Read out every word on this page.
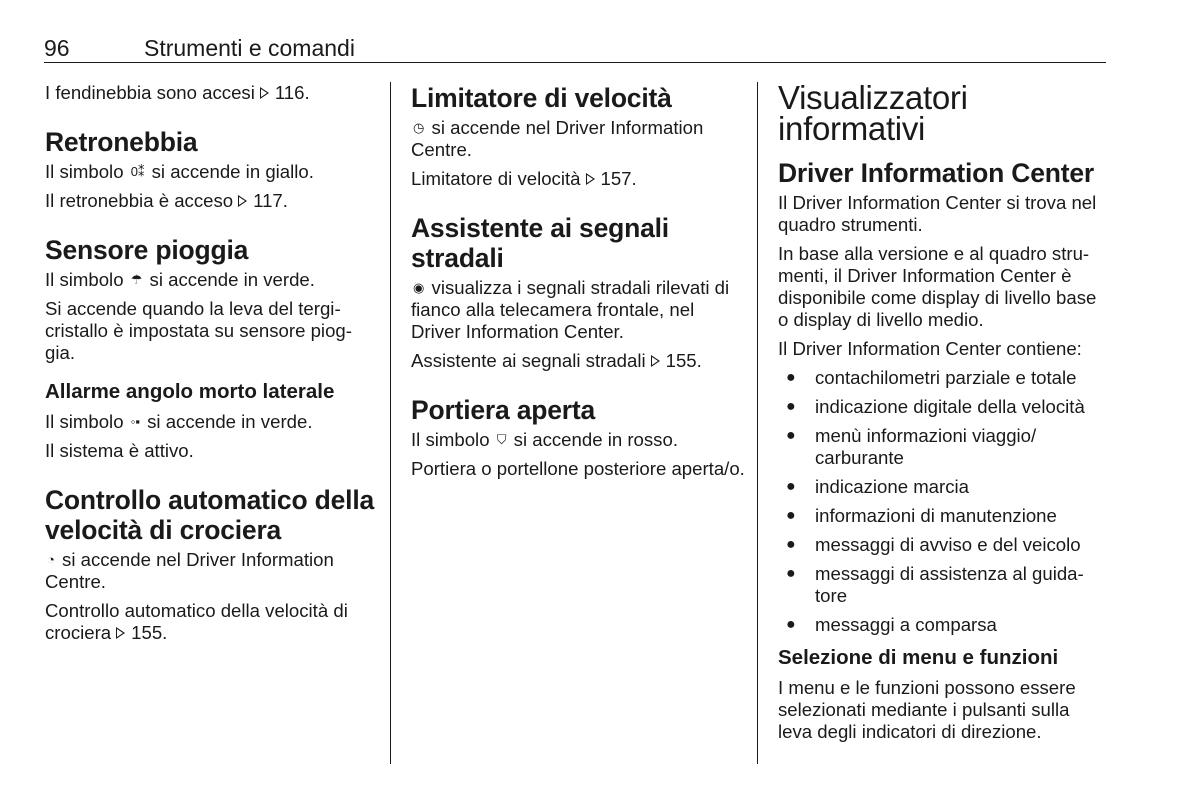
96	Strumenti e comandi

I fendinebbia sono accesi 116.

Retronebbia

Il simbolo 0⁑ si accende in giallo.

Il retronebbia è acceso 117.

Sensore pioggia

Il simbolo ☂ si accende in verde.

Si accende quando la leva del tergi-cristallo è impostata su sensore piog-gia.

Allarme angolo morto laterale

Il simbolo ◦▪ si accende in verde.

Il sistema è attivo.

Controllo automatico della velocità di crociera

◔ si accende nel Driver Information Centre.

Controllo automatico della velocità di crociera 155.

Limitatore di velocità

◷ si accende nel Driver Information Centre.

Limitatore di velocità 157.

Assistente ai segnali stradali

◉ visualizza i segnali stradali rilevati di fianco alla telecamera frontale, nel Driver Information Center.

Assistente ai segnali stradali 155.

Portiera aperta

Il simbolo ⛉ si accende in rosso.

Portiera o portellone posteriore aperta/o.

Visualizzatori informativi
Driver Information Center

Il Driver Information Center si trova nel quadro strumenti.

In base alla versione e al quadro stru-menti, il Driver Information Center è disponibile come display di livello base o display di livello medio.

Il Driver Information Center contiene:

● contachilometri parziale e totale
● indicazione digitale della velocità
● menù informazioni viaggio/ carburante
● indicazione marcia
● informazioni di manutenzione
● messaggi di avviso e del veicolo
● messaggi di assistenza al guida-tore
● messaggi a comparsa
Selezione di menu e funzioni

I menu e le funzioni possono essere selezionati mediante i pulsanti sulla leva degli indicatori di direzione.
